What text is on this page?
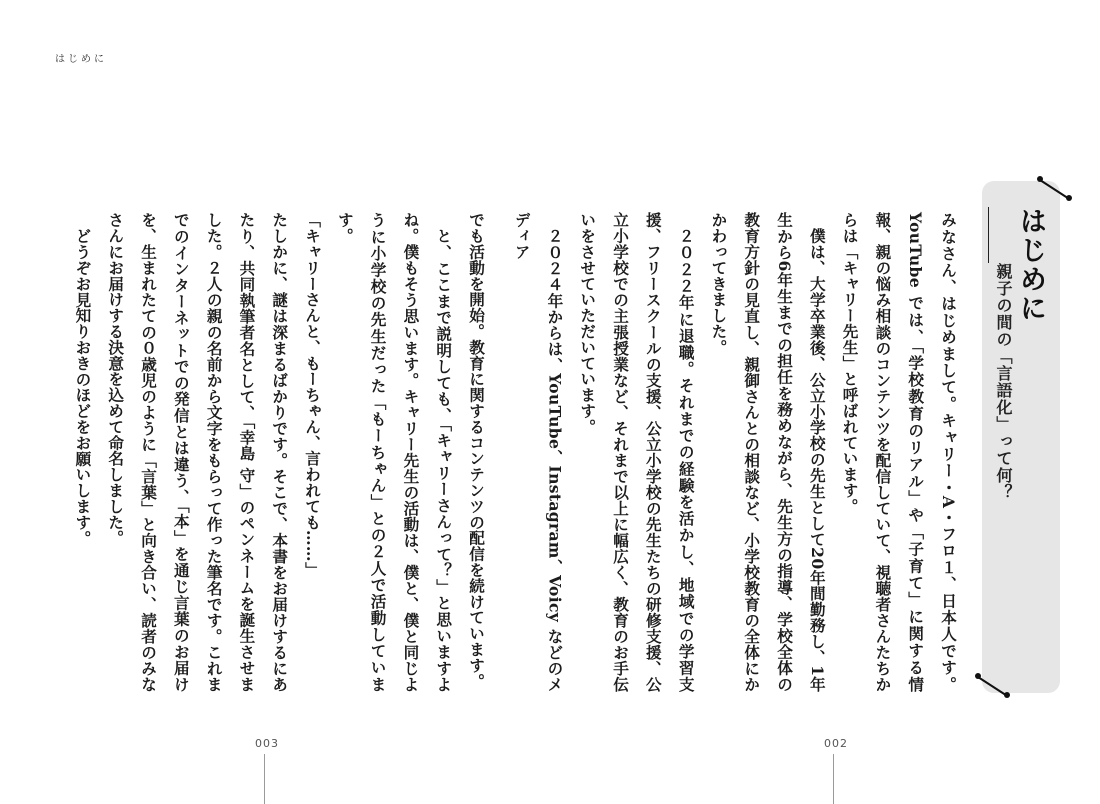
はじめに
はじめに
親子の間の「言語化」って何？

みなさん、はじめまして。キャリー・A・フロ１、日本人です。YouTube では、「学校教育のリアル」や「子育て」に関する情報、親の悩み相談のコンテンツを配信していて、視聴者さんたちからは「キャリー先生」と呼ばれています。

僕は、大学卒業後、公立小学校の先生として20年間勤務し、1年生から6年生までの担任を務めながら、先生方の指導、学校全体の教育方針の見直し、親御さんとの相談など、小学校教育の全体にかかわってきました。

２０２２年に退職。それまでの経験を活かし、地域での学習支援、フリースクールの支援、公立小学校の先生たちの研修支援、公立小学校での主張授業など、それまで以上に幅広く、教育のお手伝いをさせていただいています。

２０２４年からは、YouTube、Instagram、Voicy などのメディア

でも活動を開始。教育に関するコンテンツの配信を続けています。

と、ここまで説明しても、「キャリーさんって？」と思いますよね。僕もそう思います。キャリー先生の活動は、僕と、僕と同じように小学校の先生だった「もーちゃん」との２人で活動しています。

「キャリーさんと、もーちゃん、言われても……」

たしかに、謎は深まるばかりです。そこで、本書をお届けするにあたり、共同執筆者名として、「幸島 守」のペンネームを誕生させました。２人の親の名前から文字をもらって作った筆名です。これまでのインターネットでの発信とは違う、「本」を通じ言葉のお届けを、生まれたての０歳児のように「言葉」と向き合い、読者のみなさんにお届けする決意を込めて命名しました。

どうぞお見知りおきのほどをお願いします。

003	002
